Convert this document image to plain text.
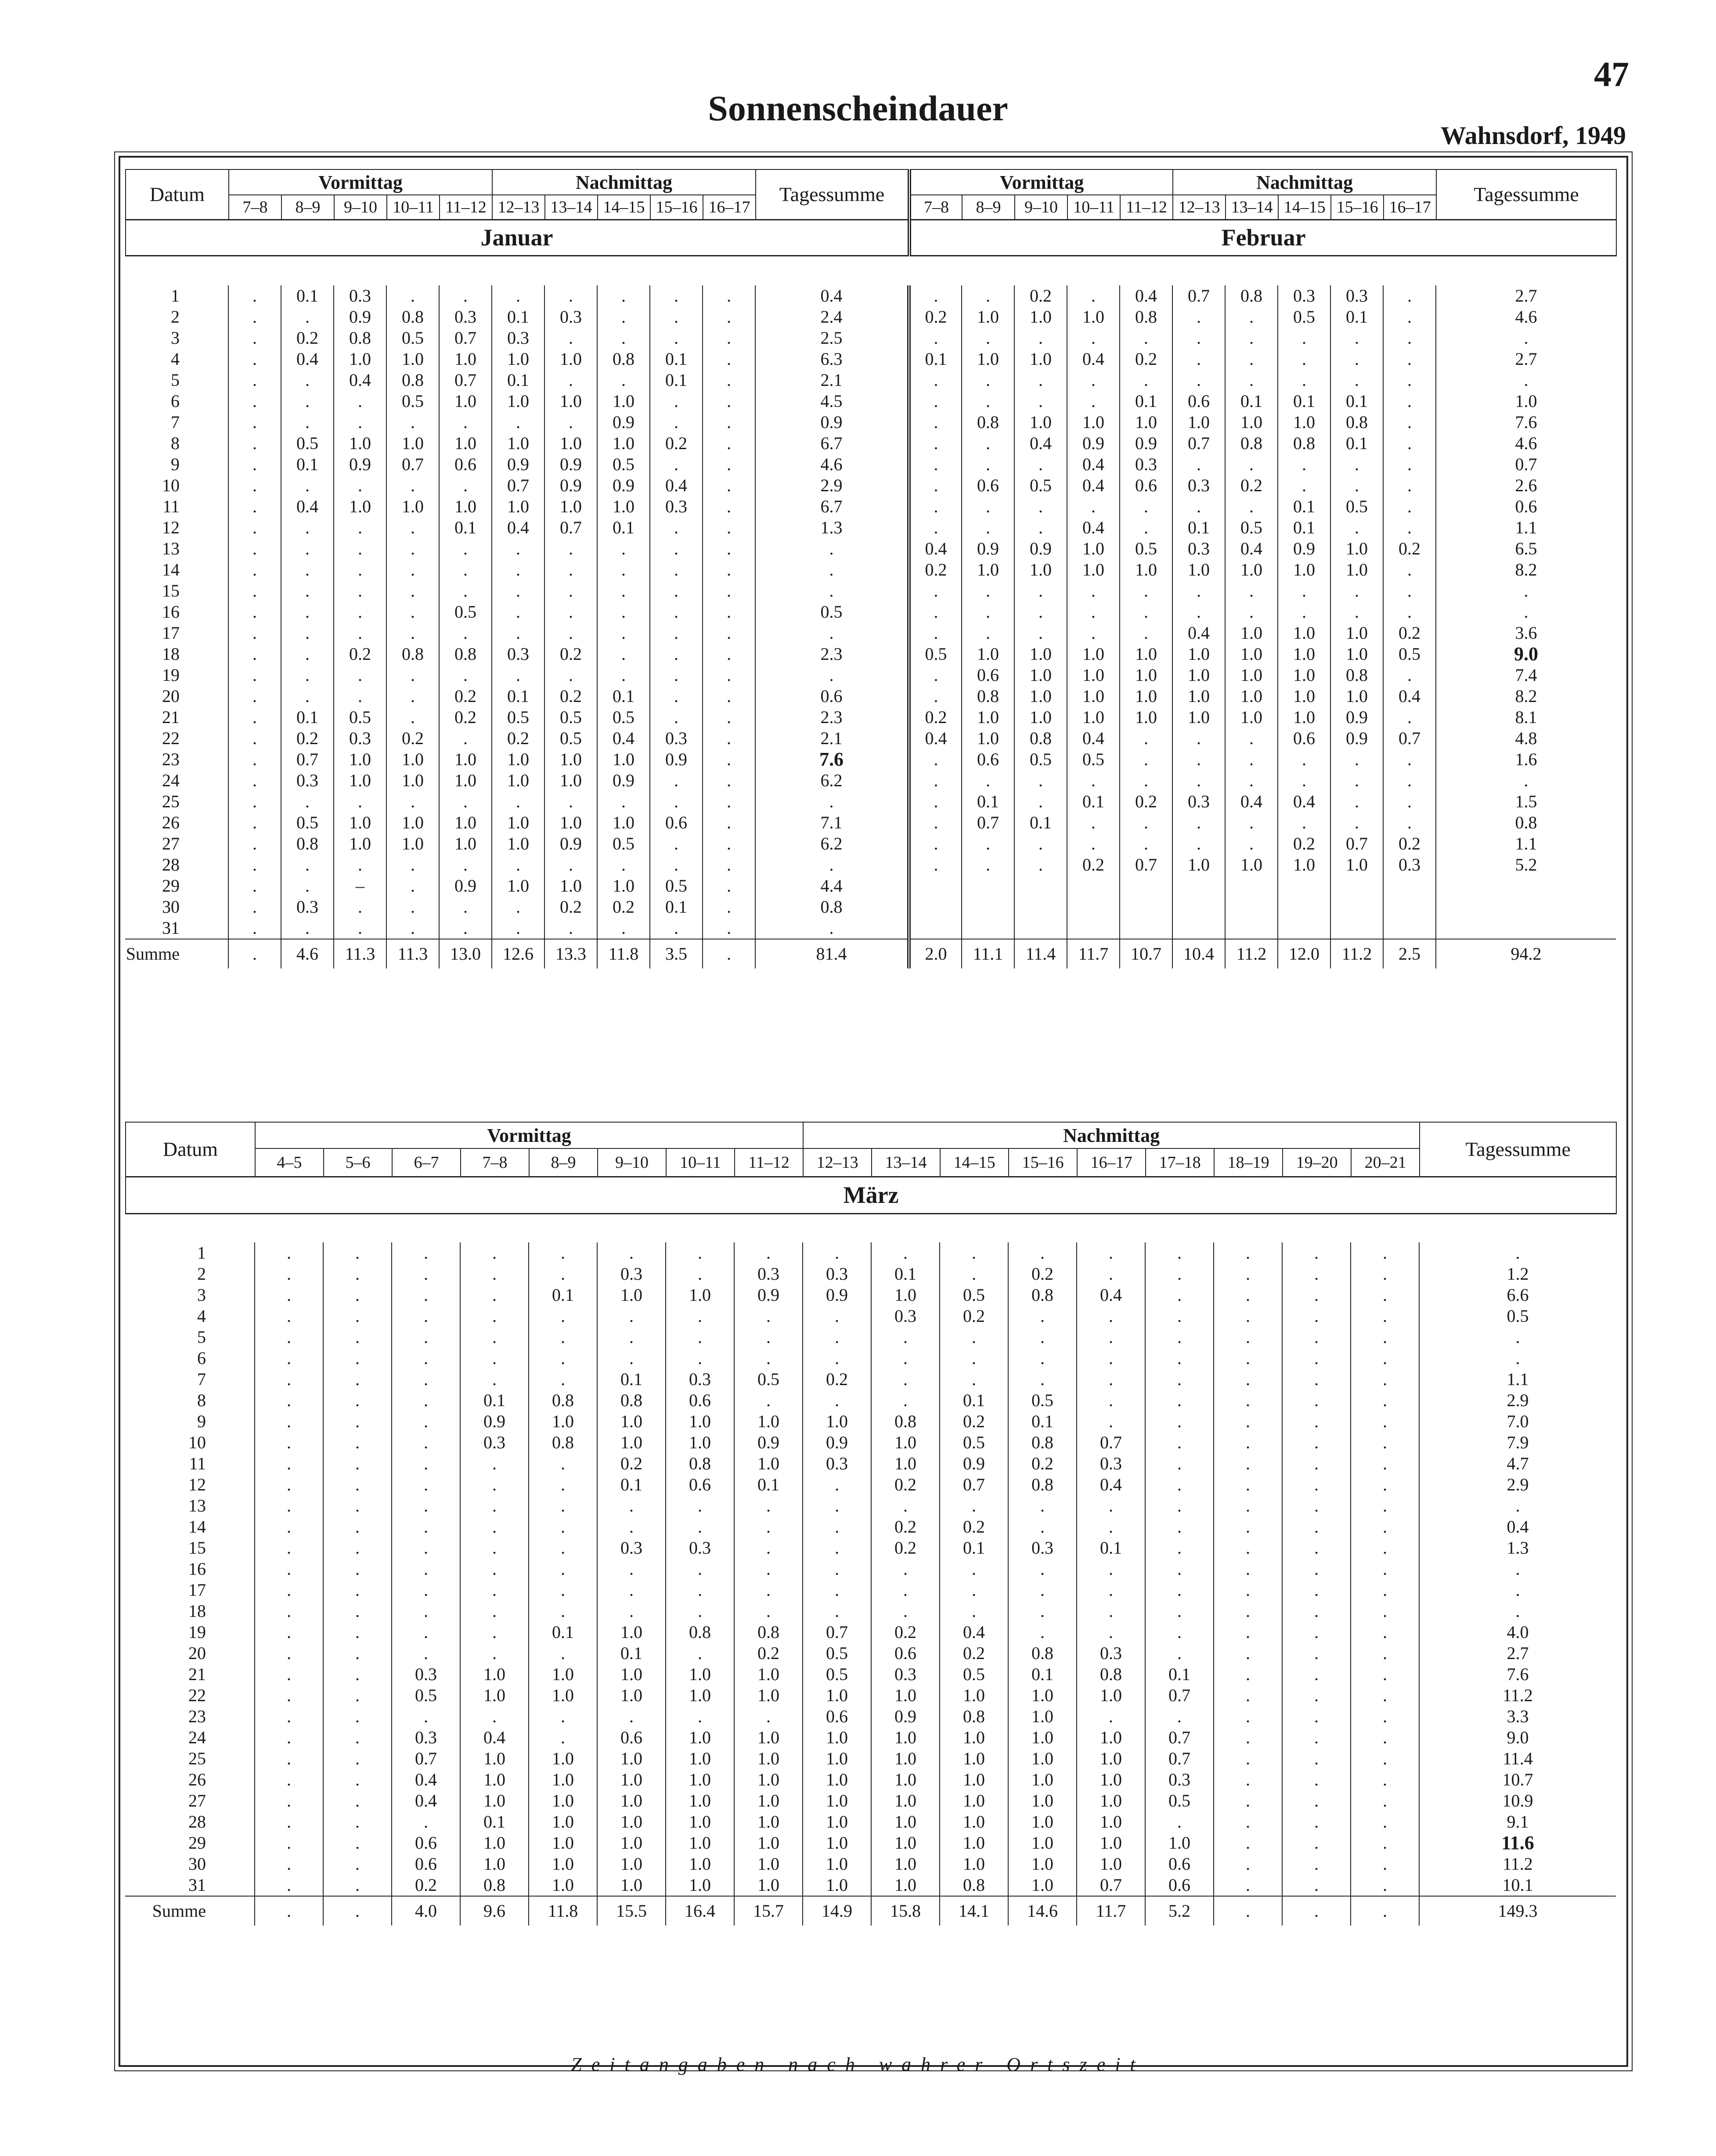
47
Sonnenscheindauer
Wahnsdorf, 1949
Datum	Vormittag					Nachmittag					Tagessumme	Vormittag					Nachmittag					Tagessumme
	7–8	8–9	9–10	10–11	11–12	12–13	13–14	14–15	15–16	16–17		7–8	8–9	9–10	10–11	11–12	12–13	13–14	14–15	15–16	16–17	
Januar												Februar										
1	.	0.1	0.3	.	.	.	.	.	.	.	0.4	.	.	0.2	.	0.4	0.7	0.8	0.3	0.3	.	2.7
2	.	.	0.9	0.8	0.3	0.1	0.3	.	.	.	2.4	0.2	1.0	1.0	1.0	0.8	.	.	0.5	0.1	.	4.6
3	.	0.2	0.8	0.5	0.7	0.3	.	.	.	.	2.5	.	.	.	.	.	.	.	.	.	.	.
4	.	0.4	1.0	1.0	1.0	1.0	1.0	0.8	0.1	.	6.3	0.1	1.0	1.0	0.4	0.2	.	.	.	.	.	2.7
5	.	.	0.4	0.8	0.7	0.1	.	.	0.1	.	2.1	.	.	.	.	.	.	.	.	.	.	.
6	.	.	.	0.5	1.0	1.0	1.0	1.0	.	.	4.5	.	.	.	.	0.1	0.6	0.1	0.1	0.1	.	1.0
7	.	.	.	.	.	.	.	0.9	.	.	0.9	.	0.8	1.0	1.0	1.0	1.0	1.0	1.0	0.8	.	7.6
8	.	0.5	1.0	1.0	1.0	1.0	1.0	1.0	0.2	.	6.7	.	.	0.4	0.9	0.9	0.7	0.8	0.8	0.1	.	4.6
9	.	0.1	0.9	0.7	0.6	0.9	0.9	0.5	.	.	4.6	.	.	.	0.4	0.3	.	.	.	.	.	0.7
10	.	.	.	.	.	0.7	0.9	0.9	0.4	.	2.9	.	0.6	0.5	0.4	0.6	0.3	0.2	.	.	.	2.6
11	.	0.4	1.0	1.0	1.0	1.0	1.0	1.0	0.3	.	6.7	.	.	.	.	.	.	.	0.1	0.5	.	0.6
12	.	.	.	.	0.1	0.4	0.7	0.1	.	.	1.3	.	.	.	0.4	.	0.1	0.5	0.1	.	.	1.1
13	.	.	.	.	.	.	.	.	.	.	.	0.4	0.9	0.9	1.0	0.5	0.3	0.4	0.9	1.0	0.2	6.5
14	.	.	.	.	.	.	.	.	.	.	.	0.2	1.0	1.0	1.0	1.0	1.0	1.0	1.0	1.0	.	8.2
15	.	.	.	.	.	.	.	.	.	.	.	.	.	.	.	.	.	.	.	.	.	.
16	.	.	.	.	0.5	.	.	.	.	.	0.5	.	.	.	.	.	.	.	.	.	.	.
17	.	.	.	.	.	.	.	.	.	.	.	.	.	.	.	.	0.4	1.0	1.0	1.0	0.2	3.6
18	.	.	0.2	0.8	0.8	0.3	0.2	.	.	.	2.3	0.5	1.0	1.0	1.0	1.0	1.0	1.0	1.0	1.0	0.5	9.0
19	.	.	.	.	.	.	.	.	.	.	.	.	0.6	1.0	1.0	1.0	1.0	1.0	1.0	0.8	.	7.4
20	.	.	.	.	0.2	0.1	0.2	0.1	.	.	0.6	.	0.8	1.0	1.0	1.0	1.0	1.0	1.0	1.0	0.4	8.2
21	.	0.1	0.5	.	0.2	0.5	0.5	0.5	.	.	2.3	0.2	1.0	1.0	1.0	1.0	1.0	1.0	1.0	0.9	.	8.1
22	.	0.2	0.3	0.2	.	0.2	0.5	0.4	0.3	.	2.1	0.4	1.0	0.8	0.4	.	.	.	0.6	0.9	0.7	4.8
23	.	0.7	1.0	1.0	1.0	1.0	1.0	1.0	0.9	.	7.6	.	0.6	0.5	0.5	.	.	.	.	.	.	1.6
24	.	0.3	1.0	1.0	1.0	1.0	1.0	0.9	.	.	6.2	.	.	.	.	.	.	.	.	.	.	.
25	.	.	.	.	.	.	.	.	.	.	.	.	0.1	.	0.1	0.2	0.3	0.4	0.4	.	.	1.5
26	.	0.5	1.0	1.0	1.0	1.0	1.0	1.0	0.6	.	7.1	.	0.7	0.1	.	.	.	.	.	.	.	0.8
27	.	0.8	1.0	1.0	1.0	1.0	0.9	0.5	.	.	6.2	.	.	.	.	.	.	.	0.2	0.7	0.2	1.1
28	.	.	.	.	.	.	.	.	.	.	.	.	.	.	0.2	0.7	1.0	1.0	1.0	1.0	0.3	5.2
29	.	.	–	.	0.9	1.0	1.0	1.0	0.5	.	4.4											
30	.	0.3	.	.	.	.	0.2	0.2	0.1	.	0.8											
31	.	.	.	.	.	.	.	.	.	.	.											
Summe	.	4.6	11.3	11.3	13.0	12.6	13.3	11.8	3.5	.	81.4	2.0	11.1	11.4	11.7	10.7	10.4	11.2	12.0	11.2	2.5	94.2
Datum	Vormittag								Nachmittag									Tagessumme
	4–5	5–6	6–7	7–8	8–9	9–10	10–11	11–12	12–13	13–14	14–15	15–16	16–17	17–18	18–19	19–20	20–21	
März																		
1	.	.	.	.	.	.	.	.	.	.	.	.	.	.	.	.	.	.
2	.	.	.	.	.	0.3	.	0.3	0.3	0.1	.	0.2	.	.	.	.	.	1.2
3	.	.	.	.	0.1	1.0	1.0	0.9	0.9	1.0	0.5	0.8	0.4	.	.	.	.	6.6
4	.	.	.	.	.	.	.	.	.	0.3	0.2	.	.	.	.	.	.	0.5
5	.	.	.	.	.	.	.	.	.	.	.	.	.	.	.	.	.	.
6	.	.	.	.	.	.	.	.	.	.	.	.	.	.	.	.	.	.
7	.	.	.	.	.	0.1	0.3	0.5	0.2	.	.	.	.	.	.	.	.	1.1
8	.	.	.	0.1	0.8	0.8	0.6	.	.	.	0.1	0.5	.	.	.	.	.	2.9
9	.	.	.	0.9	1.0	1.0	1.0	1.0	1.0	0.8	0.2	0.1	.	.	.	.	.	7.0
10	.	.	.	0.3	0.8	1.0	1.0	0.9	0.9	1.0	0.5	0.8	0.7	.	.	.	.	7.9
11	.	.	.	.	.	0.2	0.8	1.0	0.3	1.0	0.9	0.2	0.3	.	.	.	.	4.7
12	.	.	.	.	.	0.1	0.6	0.1	.	0.2	0.7	0.8	0.4	.	.	.	.	2.9
13	.	.	.	.	.	.	.	.	.	.	.	.	.	.	.	.	.	.
14	.	.	.	.	.	.	.	.	.	0.2	0.2	.	.	.	.	.	.	0.4
15	.	.	.	.	.	0.3	0.3	.	.	0.2	0.1	0.3	0.1	.	.	.	.	1.3
16	.	.	.	.	.	.	.	.	.	.	.	.	.	.	.	.	.	.
17	.	.	.	.	.	.	.	.	.	.	.	.	.	.	.	.	.	.
18	.	.	.	.	.	.	.	.	.	.	.	.	.	.	.	.	.	.
19	.	.	.	.	0.1	1.0	0.8	0.8	0.7	0.2	0.4	.	.	.	.	.	.	4.0
20	.	.	.	.	.	0.1	.	0.2	0.5	0.6	0.2	0.8	0.3	.	.	.	.	2.7
21	.	.	0.3	1.0	1.0	1.0	1.0	1.0	0.5	0.3	0.5	0.1	0.8	0.1	.	.	.	7.6
22	.	.	0.5	1.0	1.0	1.0	1.0	1.0	1.0	1.0	1.0	1.0	1.0	0.7	.	.	.	11.2
23	.	.	.	.	.	.	.	.	0.6	0.9	0.8	1.0	.	.	.	.	.	3.3
24	.	.	0.3	0.4	.	0.6	1.0	1.0	1.0	1.0	1.0	1.0	1.0	0.7	.	.	.	9.0
25	.	.	0.7	1.0	1.0	1.0	1.0	1.0	1.0	1.0	1.0	1.0	1.0	0.7	.	.	.	11.4
26	.	.	0.4	1.0	1.0	1.0	1.0	1.0	1.0	1.0	1.0	1.0	1.0	0.3	.	.	.	10.7
27	.	.	0.4	1.0	1.0	1.0	1.0	1.0	1.0	1.0	1.0	1.0	1.0	0.5	.	.	.	10.9
28	.	.	.	0.1	1.0	1.0	1.0	1.0	1.0	1.0	1.0	1.0	1.0	.	.	.	.	9.1
29	.	.	0.6	1.0	1.0	1.0	1.0	1.0	1.0	1.0	1.0	1.0	1.0	1.0	.	.	.	11.6
30	.	.	0.6	1.0	1.0	1.0	1.0	1.0	1.0	1.0	1.0	1.0	1.0	0.6	.	.	.	11.2
31	.	.	0.2	0.8	1.0	1.0	1.0	1.0	1.0	1.0	0.8	1.0	0.7	0.6	.	.	.	10.1
Summe	.	.	4.0	9.6	11.8	15.5	16.4	15.7	14.9	15.8	14.1	14.6	11.7	5.2	.	.	.	149.3
Zeitangaben nach wahrer Ortszeit
